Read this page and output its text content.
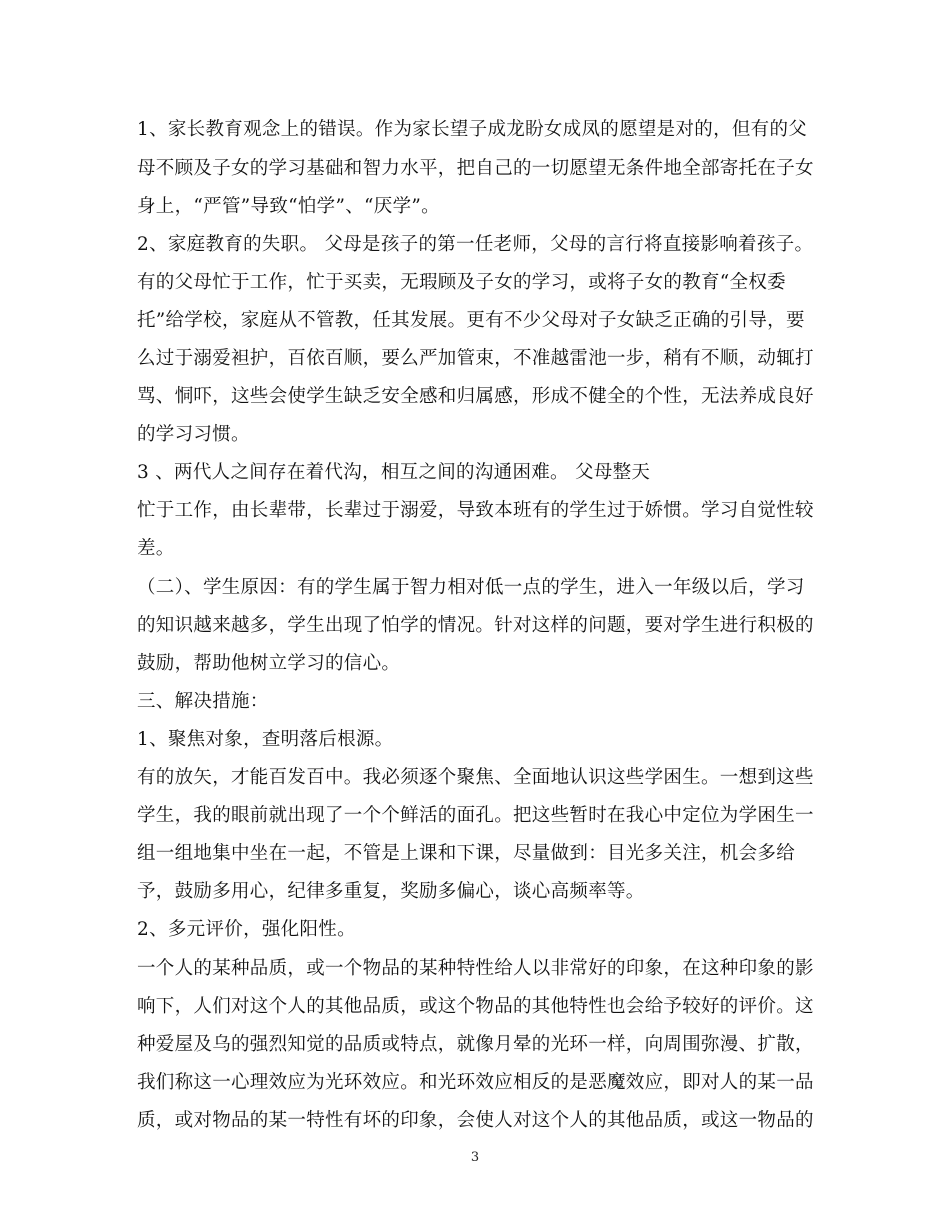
1、家长教育观念上的错误。作为家长望子成龙盼女成凤的愿望是对的，但有的父
母不顾及子女的学习基础和智力水平，把自己的一切愿望无条件地全部寄托在子女
身上，“严管”导致“怕学”、“厌学”。
2、家庭教育的失职。 父母是孩子的第一任老师，父母的言行将直接影响着孩子。
有的父母忙于工作，忙于买卖，无瑕顾及子女的学习，或将子女的教育“全权委
托”给学校，家庭从不管教，任其发展。更有不少父母对子女缺乏正确的引导，要
么过于溺爱袒护，百依百顺，要么严加管束，不准越雷池一步，稍有不顺，动辄打
骂、恫吓，这些会使学生缺乏安全感和归属感，形成不健全的个性，无法养成良好
的学习习惯。
3 、两代人之间存在着代沟，相互之间的沟通困难。 父母整天
忙于工作，由长辈带，长辈过于溺爱，导致本班有的学生过于娇惯。学习自觉性较
差。
（二）、学生原因：有的学生属于智力相对低一点的学生，进入一年级以后，学习
的知识越来越多，学生出现了怕学的情况。针对这样的问题，要对学生进行积极的
鼓励，帮助他树立学习的信心。
三、解决措施：
1、聚焦对象，查明落后根源。
有的放矢，才能百发百中。我必须逐个聚焦、全面地认识这些学困生。一想到这些
学生，我的眼前就出现了一个个鲜活的面孔。把这些暂时在我心中定位为学困生一
组一组地集中坐在一起，不管是上课和下课，尽量做到：目光多关注，机会多给
予，鼓励多用心，纪律多重复，奖励多偏心，谈心高频率等。
2、多元评价，强化阳性。
一个人的某种品质，或一个物品的某种特性给人以非常好的印象，在这种印象的影
响下，人们对这个人的其他品质，或这个物品的其他特性也会给予较好的评价。这
种爱屋及乌的强烈知觉的品质或特点，就像月晕的光环一样，向周围弥漫、扩散，
我们称这一心理效应为光环效应。和光环效应相反的是恶魔效应，即对人的某一品
质，或对物品的某一特性有坏的印象，会使人对这个人的其他品质，或这一物品的
3
